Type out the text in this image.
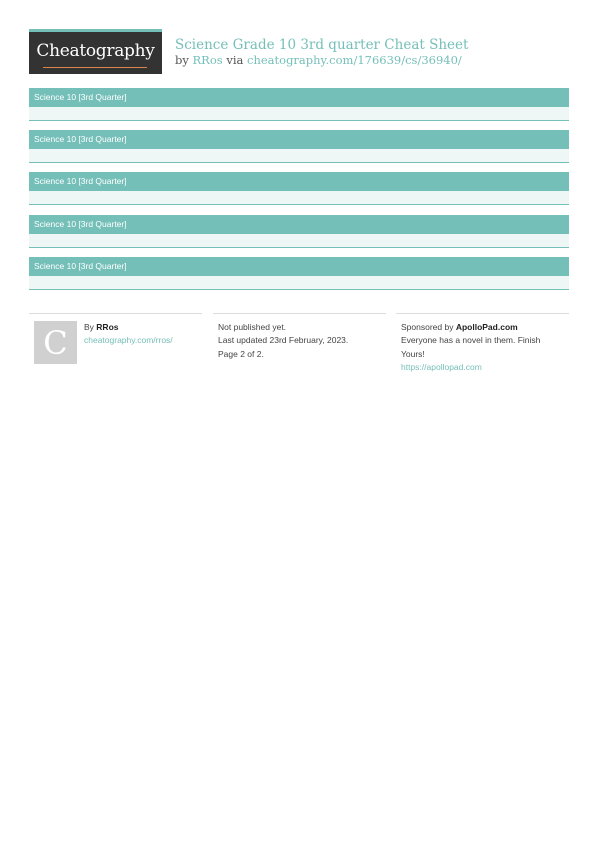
Cheatography	Science Grade 10 3rd quarter Cheat Sheet
by RRos via cheatography.com/176639/cs/36940/
Science 10 [3rd Quarter]
Science 10 [3rd Quarter]
Science 10 [3rd Quarter]
Science 10 [3rd Quarter]
Science 10 [3rd Quarter]
C	By RRos
cheatography.com/rros/
Not published yet.
Last updated 23rd February, 2023.
Page 2 of 2.
Sponsored by ApolloPad.com
Everyone has a novel in them. Finish
Yours!
https://apollopad.com
